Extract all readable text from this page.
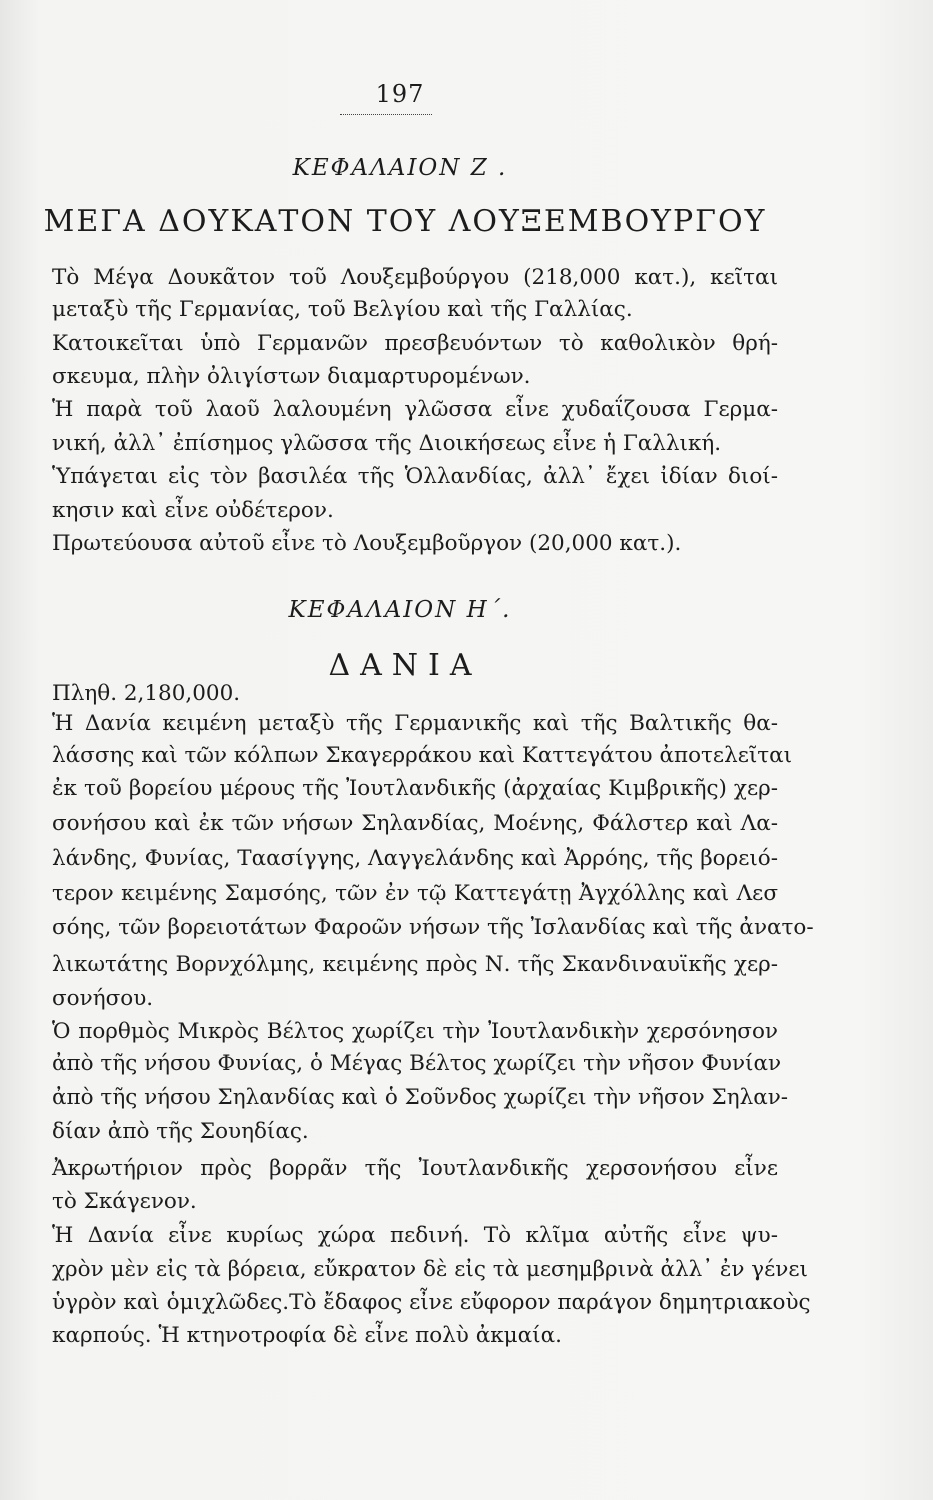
197
ΚΕΦΑΛΑΙΟΝ Ζ .
ΜΕΓΑ ΔΟΥΚΑΤΟΝ ΤΟΥ ΛΟΥΞΕΜΒΟΥΡΓΟΥ
Τὸ Μέγα Δουκᾶτον τοῦ Λουξεμβούργου (218,000 κατ.), κεῖται
μεταξὺ τῆς Γερμανίας, τοῦ Βελγίου καὶ τῆς Γαλλίας.
Κατοικεῖται ὑπὸ Γερμανῶν πρεσβευόντων τὸ καθολικὸν θρή-
σκευμα, πλὴν ὀλιγίστων διαμαρτυρομένων.
Ἡ παρὰ τοῦ λαοῦ λαλουμένη γλῶσσα εἶνε χυδαΐζουσα Γερμα-
νική, ἀλλ᾽ ἐπίσημος γλῶσσα τῆς Διοικήσεως εἶνε ἡ Γαλλική.
Ὑπάγεται εἰς τὸν βασιλέα τῆς Ὁλλανδίας, ἀλλ᾽ ἔχει ἰδίαν διοί-
κησιν καὶ εἶνε οὐδέτερον.
Πρωτεύουσα αὐτοῦ εἶνε τὸ Λουξεμβοῦργον (20,000 κατ.).
ΚΕΦΑΛΑΙΟΝ Η΄.
ΔΑΝΙΑ
Πληθ. 2,180,000.
Ἡ Δανία κειμένη μεταξὺ τῆς Γερμανικῆς καὶ τῆς Βαλτικῆς θα-
λάσσης καὶ τῶν κόλπων Σκαγερράκου καὶ Καττεγάτου ἀποτελεῖται
ἐκ τοῦ βορείου μέρους τῆς Ἰουτλανδικῆς (ἀρχαίας Κιμβρικῆς) χερ-
σονήσου καὶ ἐκ τῶν νήσων Σηλανδίας, Μοένης, Φάλστερ καὶ Λα-
λάνδης, Φυνίας, Ταασίγγης, Λαγγελάνδης καὶ Ἀρρόης, τῆς βορειό-
τερον κειμένης Σαμσόης, τῶν ἐν τῷ Καττεγάτῃ Ἀγχόλλης καὶ Λεσ
σόης, τῶν βορειοτάτων Φαροῶν νήσων τῆς Ἰσλανδίας καὶ τῆς ἀνατο-
λικωτάτης Βορνχόλμης, κειμένης πρὸς Ν. τῆς Σκανδιναυϊκῆς χερ-
σονήσου.
Ὁ πορθμὸς Μικρὸς Βέλτος χωρίζει τὴν Ἰουτλανδικὴν χερσόνησον
ἀπὸ τῆς νήσου Φυνίας, ὁ Μέγας Βέλτος χωρίζει τὴν νῆσον Φυνίαν
ἀπὸ τῆς νήσου Σηλανδίας καὶ ὁ Σοῦνδος χωρίζει τὴν νῆσον Σηλαν-
δίαν ἀπὸ τῆς Σουηδίας.
Ἀκρωτήριον πρὸς βορρᾶν τῆς Ἰουτλανδικῆς χερσονήσου εἶνε
τὸ Σκάγενον.
Ἡ Δανία εἶνε κυρίως χώρα πεδινή. Τὸ κλῖμα αὐτῆς εἶνε ψυ-
χρὸν μὲν εἰς τὰ βόρεια, εὔκρατον δὲ εἰς τὰ μεσημβρινὰ ἀλλ᾽ ἐν γένει
ὑγρὸν καὶ ὁμιχλῶδες.Τὸ ἔδαφος εἶνε εὔφορον παράγον δημητριακοὺς
καρπούς. Ἡ κτηνοτροφία δὲ εἶνε πολὺ ἀκμαία.
